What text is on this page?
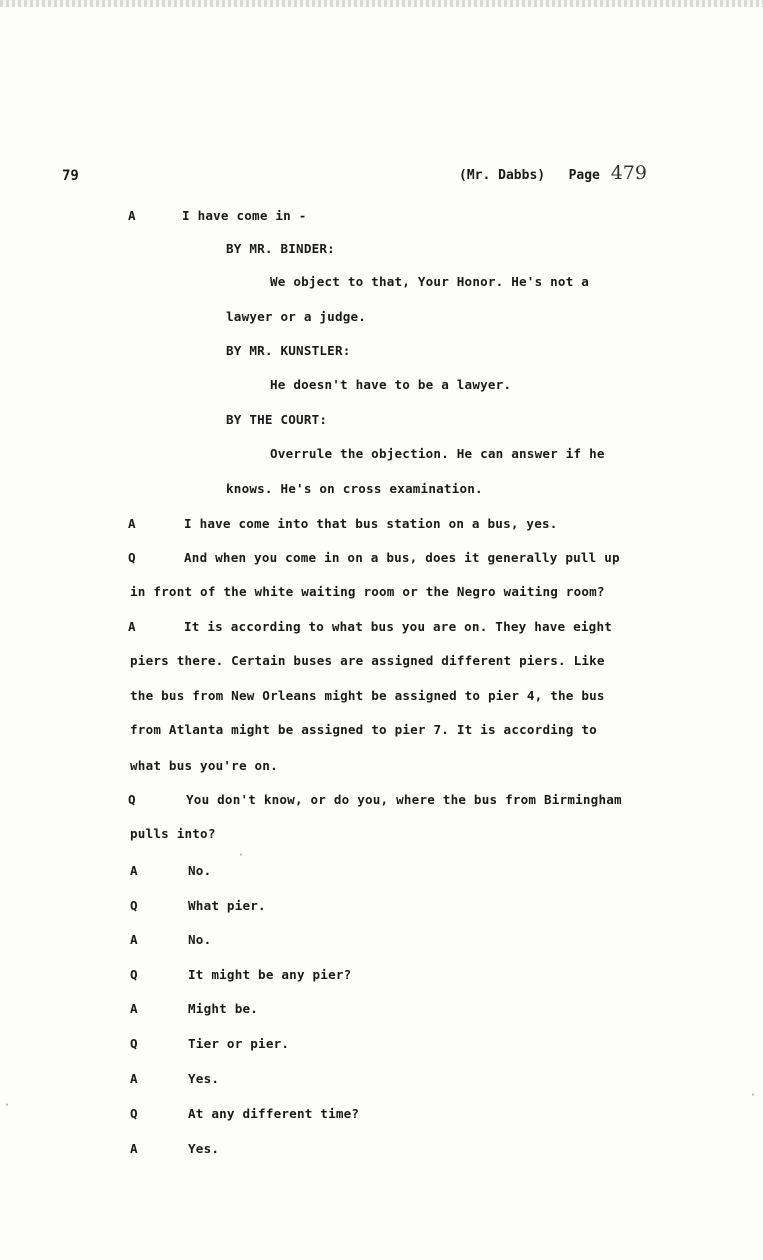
79	(Mr. Dabbs) Page 479
A	I have come in -
BY MR. BINDER:
We object to that, Your Honor. He's not a
lawyer or a judge.
BY MR. KUNSTLER:
He doesn't have to be a lawyer.
BY THE COURT:
Overrule the objection. He can answer if he
knows. He's on cross examination.
A	I have come into that bus station on a bus, yes.
Q	And when you come in on a bus, does it generally pull up
in front of the white waiting room or the Negro waiting room?
A	It is according to what bus you are on. They have eight
piers there. Certain buses are assigned different piers. Like
the bus from New Orleans might be assigned to pier 4, the bus
from Atlanta might be assigned to pier 7. It is according to
what bus you're on.
Q	You don't know, or do you, where the bus from Birmingham
pulls into?
A	No.
Q	What pier.
A	No.
Q	It might be any pier?
A	Might be.
Q	Tier or pier.
A	Yes.
Q	At any different time?
A	Yes.
·
·
·
